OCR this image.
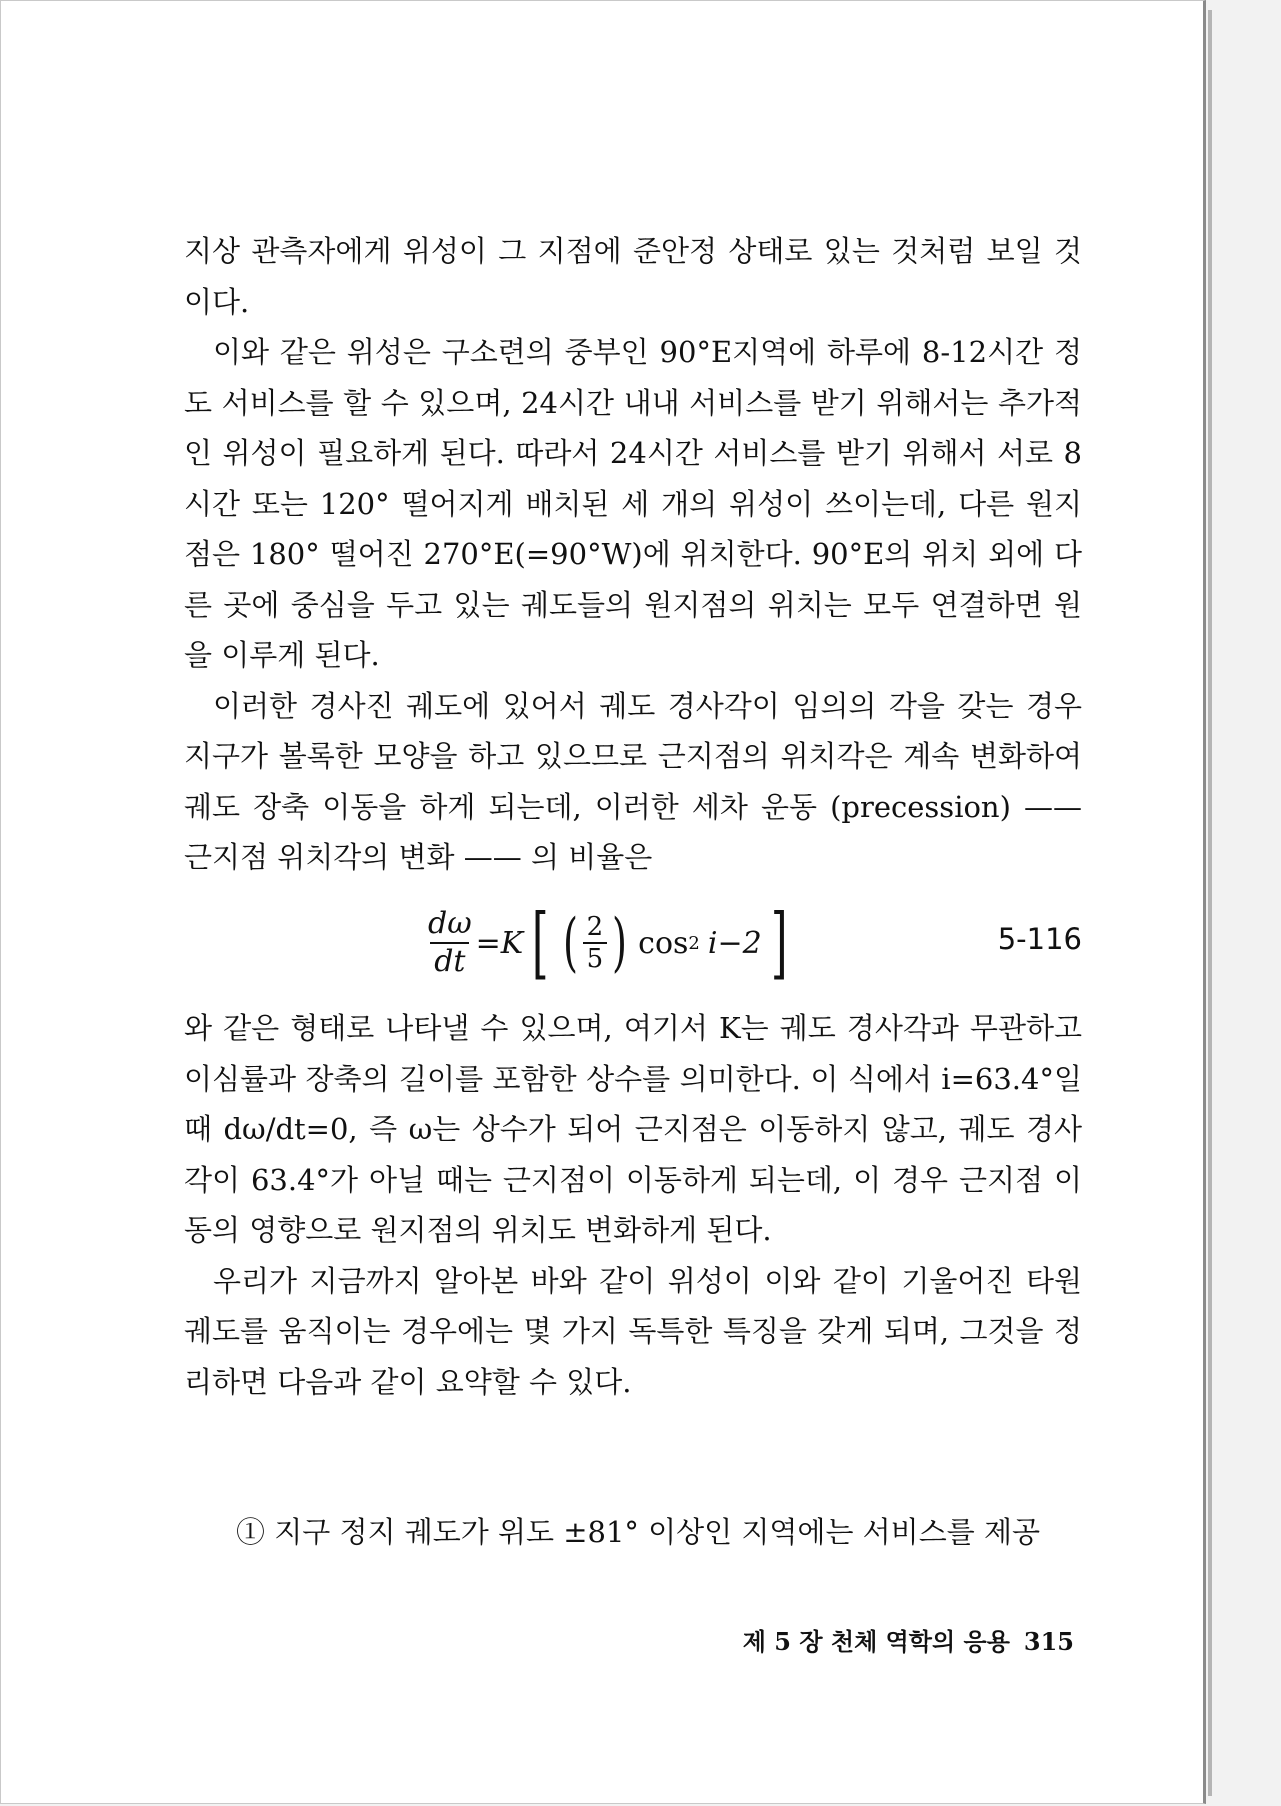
지상 관측자에게 위성이 그 지점에 준안정 상태로 있는 것처럼 보일 것이다.

이와 같은 위성은 구소련의 중부인 90°E지역에 하루에 8-12시간 정도 서비스를 할 수 있으며, 24시간 내내 서비스를 받기 위해서는 추가적인 위성이 필요하게 된다. 따라서 24시간 서비스를 받기 위해서 서로 8시간 또는 120° 떨어지게 배치된 세 개의 위성이 쓰이는데, 다른 원지점은 180° 떨어진 270°E(=90°W)에 위치한다. 90°E의 위치 외에 다른 곳에 중심을 두고 있는 궤도들의 원지점의 위치는 모두 연결하면 원을 이루게 된다.

이러한 경사진 궤도에 있어서 궤도 경사각이 임의의 각을 갖는 경우 지구가 볼록한 모양을 하고 있으므로 근지점의 위치각은 계속 변화하여 궤도 장축 이동을 하게 되는데, 이러한 세차 운동 (precession) —— 근지점 위치각의 변화 —— 의 비율은

$\frac{d\omega}{dt} =K$ [ ( $\frac{2}{5}$ ) cos 2 i−2 ]	5-116

와 같은 형태로 나타낼 수 있으며, 여기서 K는 궤도 경사각과 무관하고 이심률과 장축의 길이를 포함한 상수를 의미한다. 이 식에서 i=63.4°일 때 dω/dt=0, 즉 ω는 상수가 되어 근지점은 이동하지 않고, 궤도 경사각이 63.4°가 아닐 때는 근지점이 이동하게 되는데, 이 경우 근지점 이동의 영향으로 원지점의 위치도 변화하게 된다.

우리가 지금까지 알아본 바와 같이 위성이 이와 같이 기울어진 타원 궤도를 움직이는 경우에는 몇 가지 독특한 특징을 갖게 되며, 그것을 정리하면 다음과 같이 요약할 수 있다.

① 지구 정지 궤도가 위도 ±81° 이상인 지역에는 서비스를 제공
제 5 장 천체 역학의 응용 315
